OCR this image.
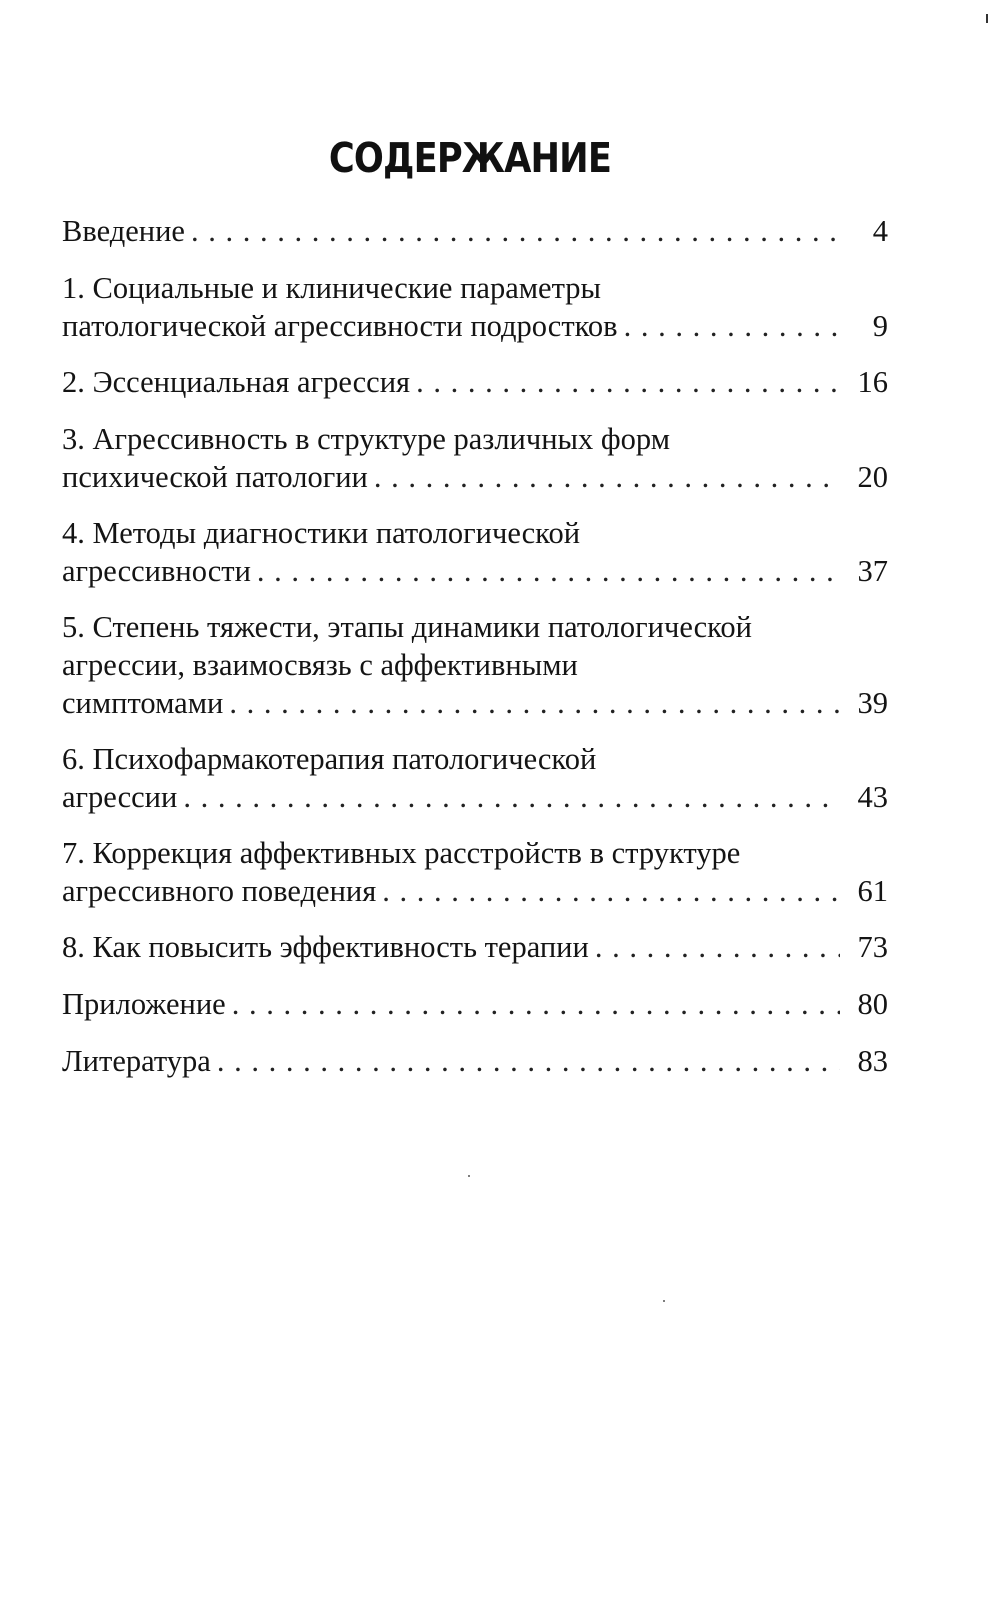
СОДЕРЖАНИЕ
Введение . . .	4
1. Социальные и клинические параметры
патологической агрессивности подростков . . .	9
2. Эссенциальная агрессия . . .	16
3. Агрессивность в структуре различных форм
психической патологии . . .	20
4. Методы диагностики патологической
агрессивности . . .	37
5. Степень тяжести, этапы динамики патологической
агрессии, взаимосвязь с аффективными
симптомами . . .	39
6. Психофармакотерапия патологической
агрессии . . .	43
7. Коррекция аффективных расстройств в структуре
агрессивного поведения . . .	61
8. Как повысить эффективность терапии . . .	73
Приложение . . .	80
Литература . . .	83
